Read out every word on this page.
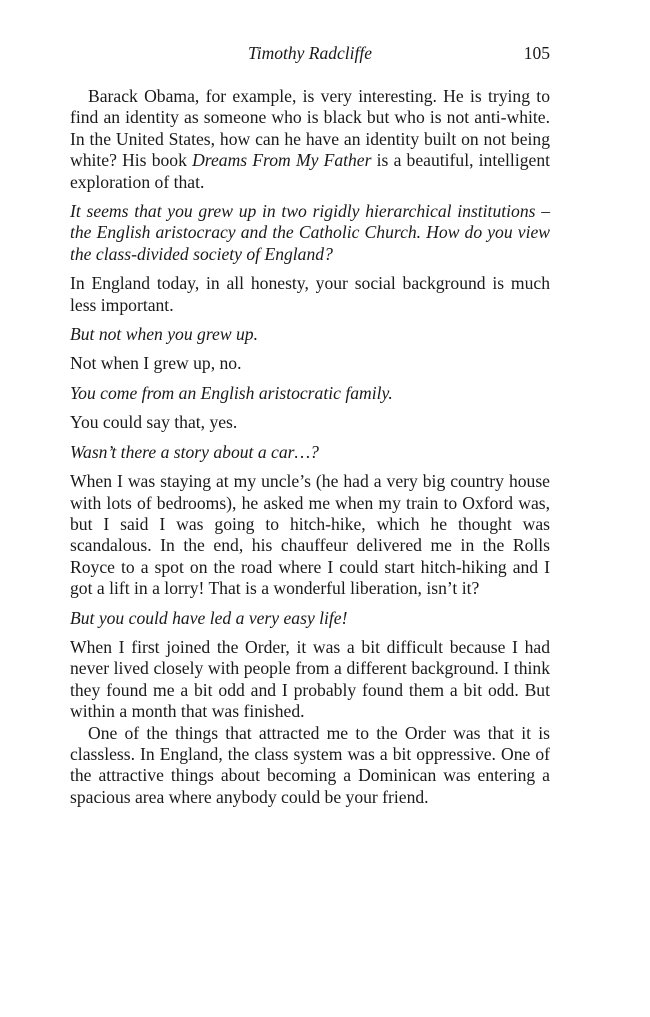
Timothy Radcliffe	105

Barack Obama, for example, is very interesting. He is trying to find an identity as someone who is black but who is not anti-white. In the United States, how can he have an identity built on not being white? His book Dreams From My Father is a beautiful, intelligent exploration of that.

It seems that you grew up in two rigidly hierarchical institutions – the English aristocracy and the Catholic Church. How do you view the class-divided society of England?

In England today, in all honesty, your social background is much less important.

But not when you grew up.

Not when I grew up, no.

You come from an English aristocratic family.

You could say that, yes.

Wasn’t there a story about a car…?

When I was staying at my uncle’s (he had a very big country house with lots of bedrooms), he asked me when my train to Oxford was, but I said I was going to hitch-hike, which he thought was scandalous. In the end, his chauffeur delivered me in the Rolls Royce to a spot on the road where I could start hitch-hiking and I got a lift in a lorry! That is a wonderful liberation, isn’t it?

But you could have led a very easy life!

When I first joined the Order, it was a bit difficult because I had never lived closely with people from a different background. I think they found me a bit odd and I probably found them a bit odd. But within a month that was finished.

One of the things that attracted me to the Order was that it is classless. In England, the class system was a bit oppressive. One of the attractive things about becoming a Dominican was entering a spacious area where anybody could be your friend.
